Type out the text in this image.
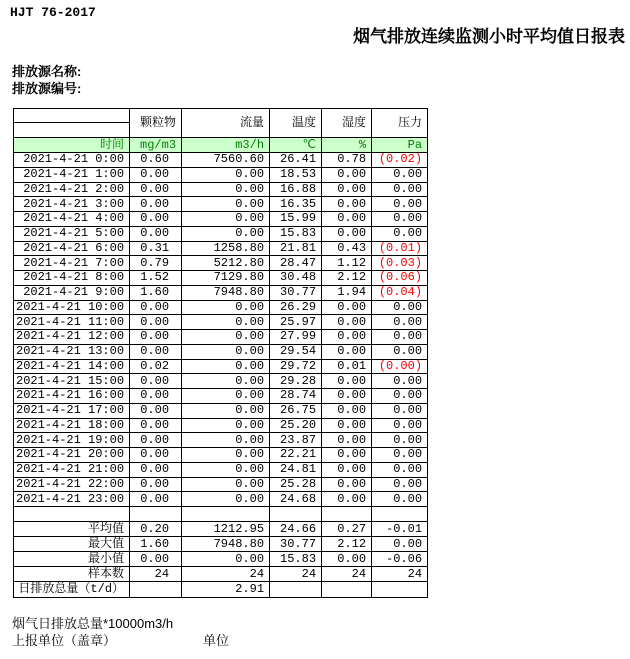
HJT 76-2017
烟气排放连续监测小时平均值日报表
排放源名称:
排放源编号:
	颗粒物	流量	温度	湿度	压力

时间	mg/m3	m3/h	℃	%	Pa
2021-4-21 0:00	0.60	7560.60	26.41	0.78	(0.02)
2021-4-21 1:00	0.00	0.00	18.53	0.00	0.00
2021-4-21 2:00	0.00	0.00	16.88	0.00	0.00
2021-4-21 3:00	0.00	0.00	16.35	0.00	0.00
2021-4-21 4:00	0.00	0.00	15.99	0.00	0.00
2021-4-21 5:00	0.00	0.00	15.83	0.00	0.00
2021-4-21 6:00	0.31	1258.80	21.81	0.43	(0.01)
2021-4-21 7:00	0.79	5212.80	28.47	1.12	(0.03)
2021-4-21 8:00	1.52	7129.80	30.48	2.12	(0.06)
2021-4-21 9:00	1.60	7948.80	30.77	1.94	(0.04)
2021-4-21 10:00	0.00	0.00	26.29	0.00	0.00
2021-4-21 11:00	0.00	0.00	25.97	0.00	0.00
2021-4-21 12:00	0.00	0.00	27.99	0.00	0.00
2021-4-21 13:00	0.00	0.00	29.54	0.00	0.00
2021-4-21 14:00	0.02	0.00	29.72	0.01	(0.00)
2021-4-21 15:00	0.00	0.00	29.28	0.00	0.00
2021-4-21 16:00	0.00	0.00	28.74	0.00	0.00
2021-4-21 17:00	0.00	0.00	26.75	0.00	0.00
2021-4-21 18:00	0.00	0.00	25.20	0.00	0.00
2021-4-21 19:00	0.00	0.00	23.87	0.00	0.00
2021-4-21 20:00	0.00	0.00	22.21	0.00	0.00
2021-4-21 21:00	0.00	0.00	24.81	0.00	0.00
2021-4-21 22:00	0.00	0.00	25.28	0.00	0.00
2021-4-21 23:00	0.00	0.00	24.68	0.00	0.00

平均值	0.20	1212.95	24.66	0.27	-0.01
最大值	1.60	7948.80	30.77	2.12	0.00
最小值	0.00	0.00	15.83	0.00	-0.06
样本数	24	24	24	24	24
日排放总量（t/d）		2.91			
烟气日排放总量*10000m3/h
上报单位（盖章）	单位
